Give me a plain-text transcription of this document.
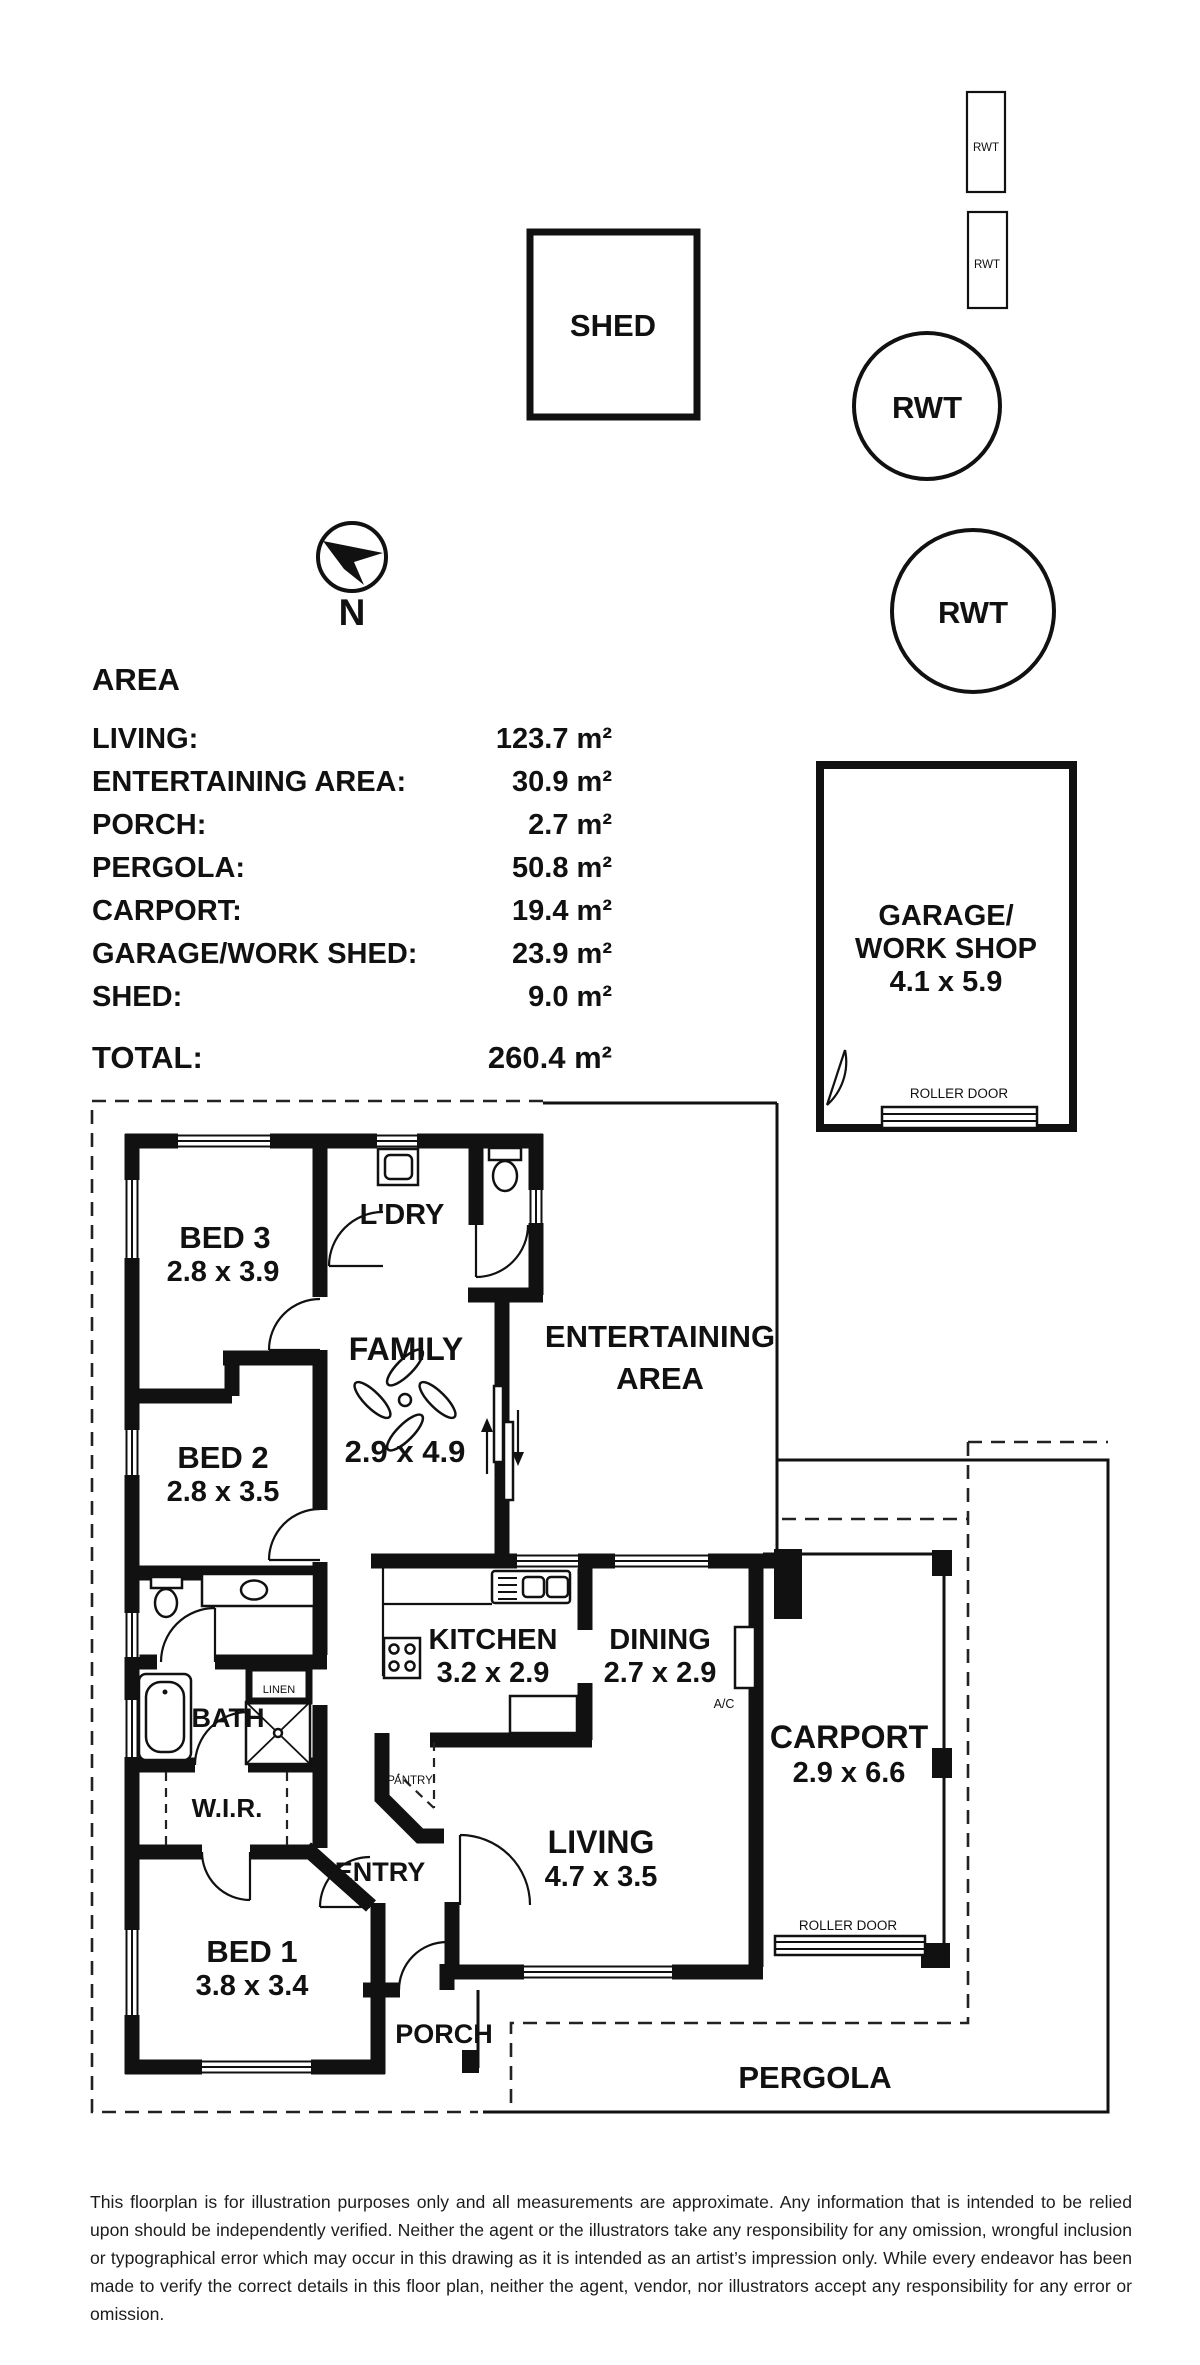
RWT
RWT
SHED
RWT
RWT
N
AREA
LIVING:	123.7 m²
ENTERTAINING AREA:	30.9 m²
PORCH:	2.7 m²
PERGOLA:	50.8 m²
CARPORT:	19.4 m²
GARAGE/WORK SHED:	23.9 m²
SHED:	9.0 m²
TOTAL:	260.4 m²
GARAGE/
WORK SHOP
4.1 x 5.9
ROLLER DOOR
PERGOLA
ENTERTAINING
AREA
BED 3
2.8 x 3.9
BED 2
2.8 x 3.5
BED 1
3.8 x 3.4
FAMILY
2.9 x 4.9
L'DRY
KITCHEN
3.2 x 2.9
DINING
2.7 x 2.9
LIVING
4.7 x 3.5
CARPORT
2.9 x 6.6
BATH
W.I.R.
LINEN
PANTRY
ENTRY
PORCH
A/C
ROLLER DOOR
This floorplan is for illustration purposes only and all measurements are approximate. Any information that is intended to be relied upon should be independently verified. Neither the agent or the illustrators take any responsibility for any omission, wrongful inclusion or typographical error which may occur in this drawing as it is intended as an artist’s impression only. While every endeavor has been made to verify the correct details in this floor plan, neither the agent, vendor, nor illustrators accept any responsibility for any error or omission.
